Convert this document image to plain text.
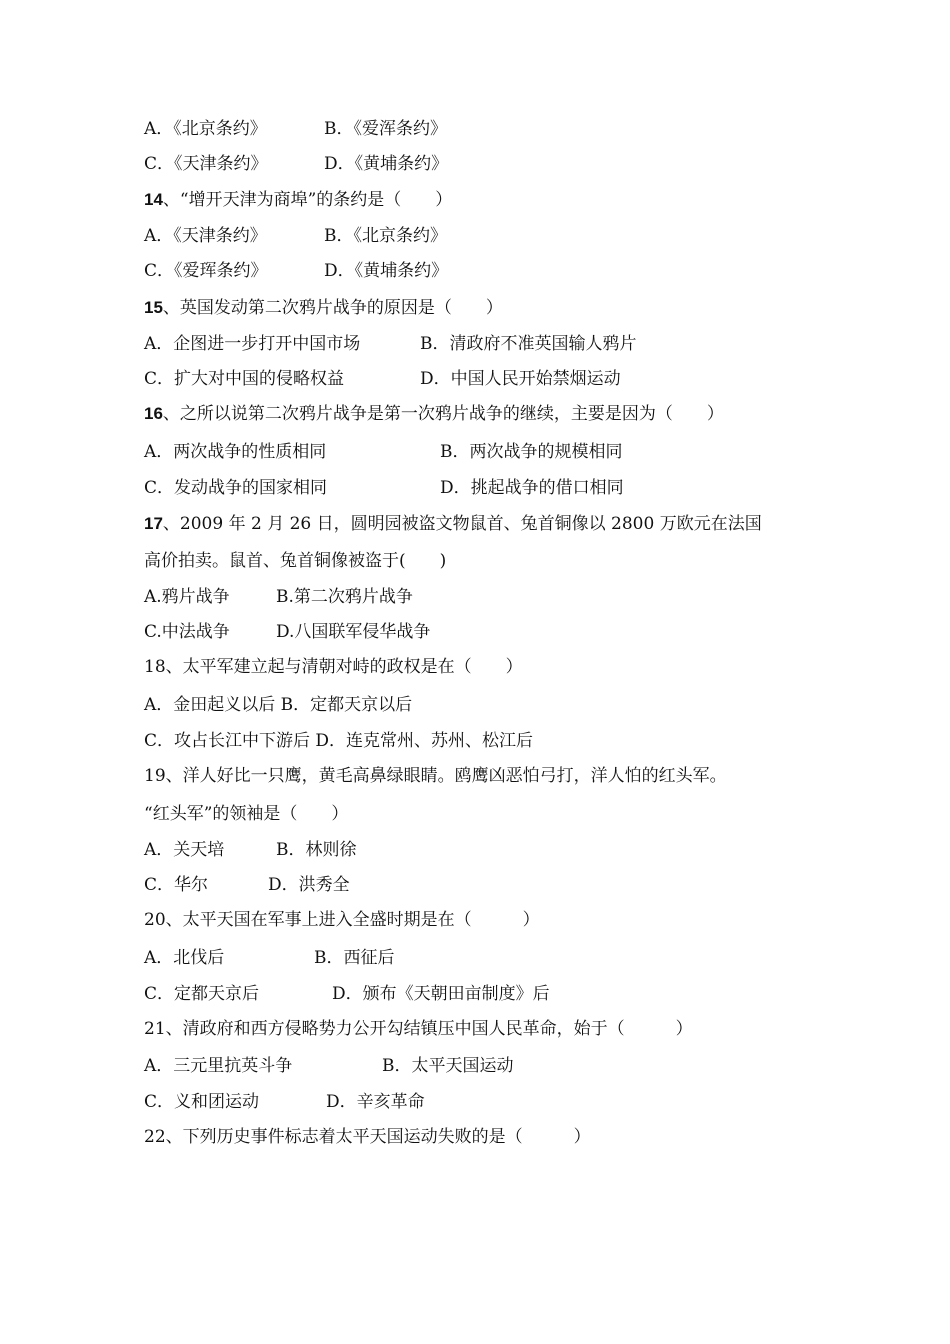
A．《北京条约》

	B．《爱浑条约》

C．《天津条约》

	D．《黄埔条约》

14、“增开天津为商埠”的条约是（　　）

A．《天津条约》

	B．《北京条约》

C．《爱珲条约》

	D．《黄埔条约》

15、英国发动第二次鸦片战争的原因是（　　）

A．企图进一步打开中国市场

	B．清政府不准英国输人鸦片

C．扩大对中国的侵略权益

	D．中国人民开始禁烟运动

16、之所以说第二次鸦片战争是第一次鸦片战争的继续，主要是因为（　　）

A．两次战争的性质相同

	B．两次战争的规模相同

C．发动战争的国家相同

	D．挑起战争的借口相同

17、2009 年 2 月 26 日，圆明园被盗文物鼠首、兔首铜像以 2800 万欧元在法国
高价拍卖。鼠首、兔首铜像被盗于(　　)

A.鸦片战争

	B.第二次鸦片战争

C.中法战争

	D.八国联军侵华战争

18、太平军建立起与清朝对峙的政权是在（　　）

A．金田起义以后 B．定都天京以后

C．攻占长江中下游后 D．连克常州、苏州、松江后

19、洋人好比一只鹰，黄毛高鼻绿眼睛。鸥鹰凶恶怕弓打，洋人怕的红头军。
“红头军”的领袖是（　　）

A．关天培

	B．林则徐

C．华尔

	D．洪秀全

20、太平天国在军事上进入全盛时期是在（　　　）

A．北伐后

	B．西征后

C．定都天京后

	D．颁布《天朝田亩制度》后

21、清政府和西方侵略势力公开勾结镇压中国人民革命，始于（　　　）

A．三元里抗英斗争

	B．太平天国运动

C．义和团运动

	D．辛亥革命

22、下列历史事件标志着太平天国运动失败的是（　　　）
